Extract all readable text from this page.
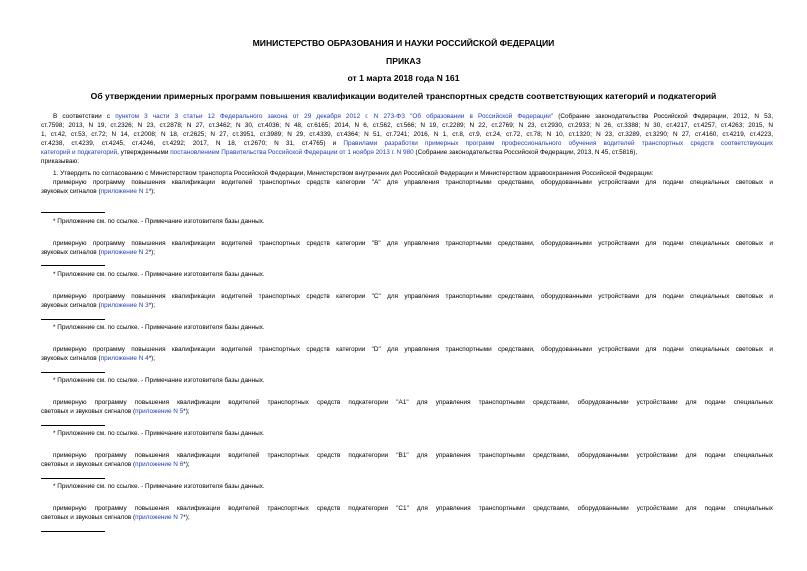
МИНИСТЕРСТВО ОБРАЗОВАНИЯ И НАУКИ РОССИЙСКОЙ ФЕДЕРАЦИИ
ПРИКАЗ
от 1 марта 2018 года N 161
Об утверждении примерных программ повышения квалификации водителей транспортных средств соответствующих категорий и подкатегорий
В соответствии с пунктом 3 части 3 статьи 12 Федерального закона от 29 декабря 2012 г. N 273-ФЗ "Об образовании в Российской Федерации" (Собрание законодательства Российской Федерации, 2012, N 53,
ст.7598; 2013, N 19, ст.2326; N 23, ст.2878; N 27, ст.3462; N 30, ст.4036; N 48, ст.6165; 2014, N 6, ст.562, ст.566; N 19, ст.2289; N 22, ст.2769; N 23, ст.2930, ст.2933; N 26, ст.3388; N 30, ст.4217, ст.4257, ст.4263; 2015, N
1, ст.42, ст.53, ст.72; N 14, ст.2008; N 18, ст.2625; N 27, ст.3951, ст.3989; N 29, ст.4339, ст.4364; N 51, ст.7241; 2016, N 1, ст.8, ст.9, ст.24, ст.72, ст.78; N 10, ст.1320; N 23, ст.3289, ст.3290; N 27, ст.4160, ст.4219, ст.4223,
ст.4238, ст.4239, ст.4245, ст.4246, ст.4292; 2017, N 18, ст.2670; N 31, ст.4765) и Правилами разработки примерных программ профессионального обучения водителей транспортных средств соответствующих
категорий и подкатегорий, утвержденными постановлением Правительства Российской Федерации от 1 ноября 2013 г. N 980 (Собрание законодательства Российской Федерации, 2013, N 45, ст.5816),
приказываю:
1. Утвердить по согласованию с Министерством транспорта Российской Федерации, Министерством внутренних дел Российской Федерации и Министерством здравоохранения Российской Федерации:
примерную программу повышения квалификации водителей транспортных средств категории "A" для управления транспортными средствами, оборудованными устройствами для подачи специальных световых и
звуковых сигналов (приложение N 1*);
* Приложение см. по ссылке. - Примечание изготовителя базы данных.
примерную программу повышения квалификации водителей транспортных средств категории "B" для управления транспортными средствами, оборудованными устройствами для подачи специальных световых и
звуковых сигналов (приложение N 2*);
* Приложение см. по ссылке. - Примечание изготовителя базы данных.
примерную программу повышения квалификации водителей транспортных средств категории "C" для управления транспортными средствами, оборудованными устройствами для подачи специальных световых и
звуковых сигналов (приложение N 3*);
* Приложение см. по ссылке. - Примечание изготовителя базы данных.
примерную программу повышения квалификации водителей транспортных средств категории "D" для управления транспортными средствами, оборудованными устройствами для подачи специальных световых и
звуковых сигналов (приложение N 4*);
* Приложение см. по ссылке. - Примечание изготовителя базы данных.
примерную программу повышения квалификации водителей транспортных средств подкатегории "A1" для управления транспортными средствами, оборудованными устройствами для подачи специальных
световых и звуковых сигналов (приложение N 5*);
* Приложение см. по ссылке. - Примечание изготовителя базы данных.
примерную программу повышения квалификации водителей транспортных средств подкатегории "B1" для управления транспортными средствами, оборудованными устройствами для подачи специальных
световых и звуковых сигналов (приложение N 6*);
* Приложение см. по ссылке. - Примечание изготовителя базы данных.
примерную программу повышения квалификации водителей транспортных средств подкатегории "C1" для управления транспортными средствами, оборудованными устройствами для подачи специальных
световых и звуковых сигналов (приложение N 7*);
